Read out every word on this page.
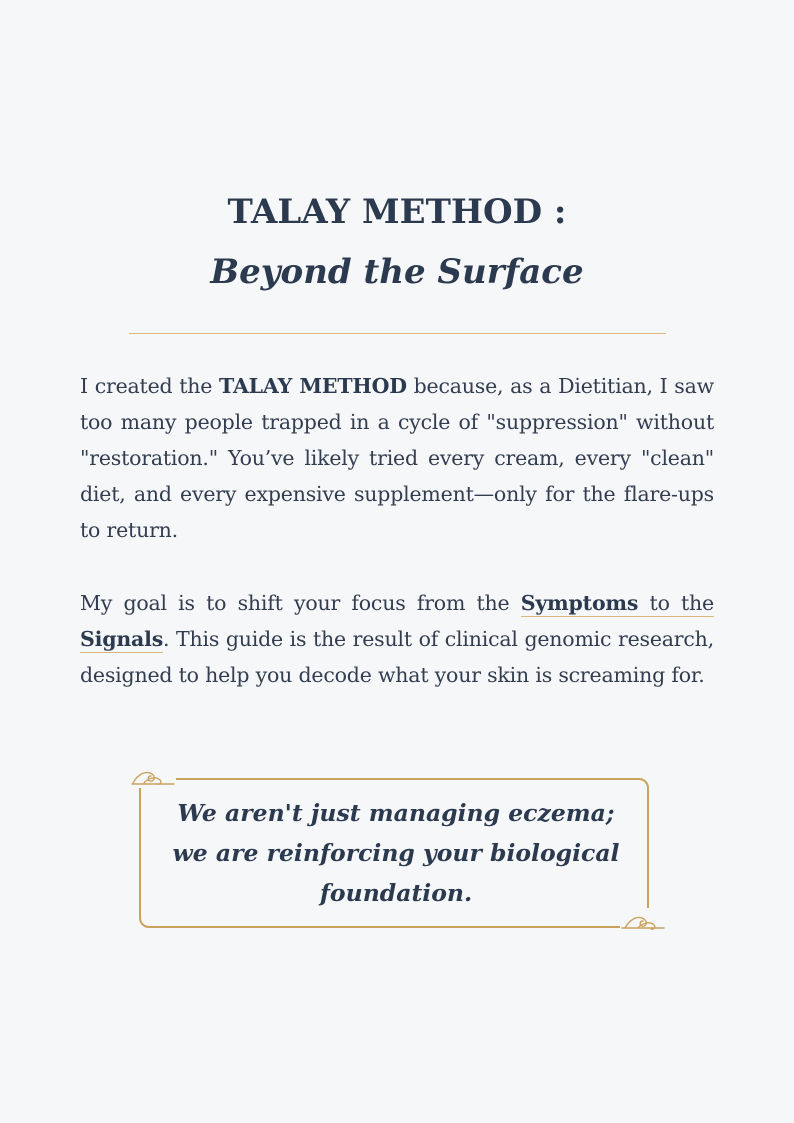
TALAY METHOD :
Beyond the Surface

I created the TALAY METHOD because, as a Dietitian, I saw too many people trapped in a cycle of "suppression" without "restoration." You’ve likely tried every cream, every "clean" diet, and every expensive supplement—only for the flare-ups to return.

My goal is to shift your focus from the Symptoms to the Signals. This guide is the result of clinical genomic research, designed to help you decode what your skin is screaming for.

We aren't just managing eczema;
we are reinforcing your biological
foundation.
